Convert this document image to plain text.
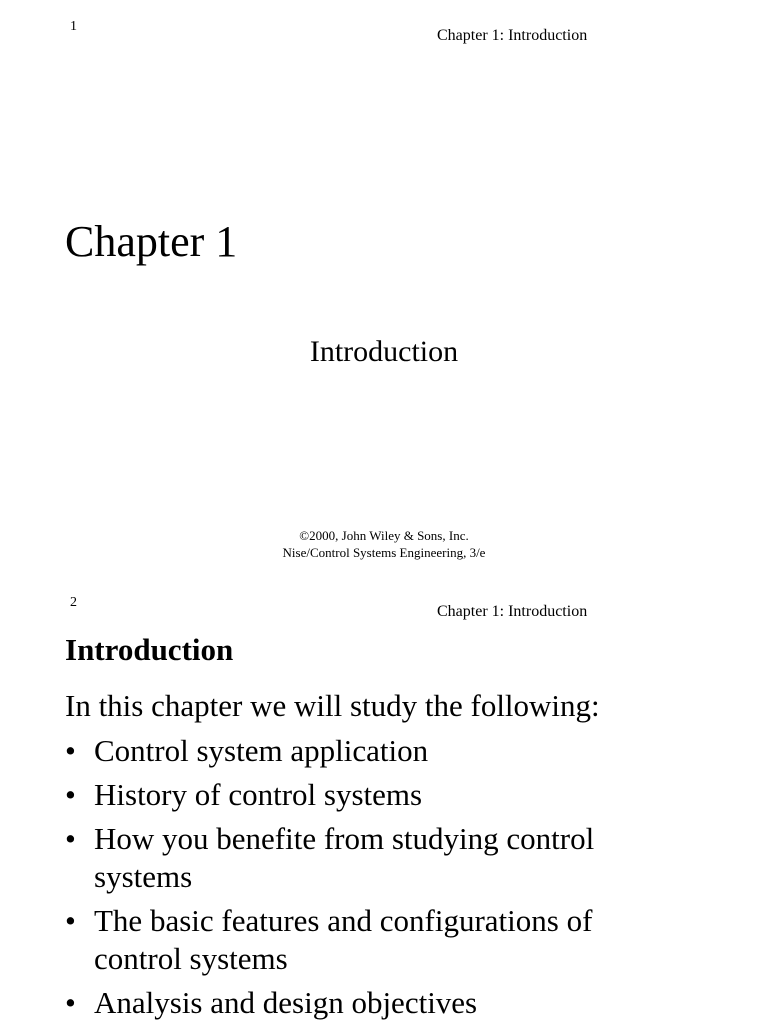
1
Chapter 1: Introduction
Chapter 1
Introduction
©2000, John Wiley & Sons, Inc.
Nise/Control Systems Engineering, 3/e
2
Chapter 1: Introduction
Introduction
In this chapter we will study the following:
• Control system application
• History of control systems
• How you benefite from studying control systems
• The basic features and configurations of control systems
• Analysis and design objectives
